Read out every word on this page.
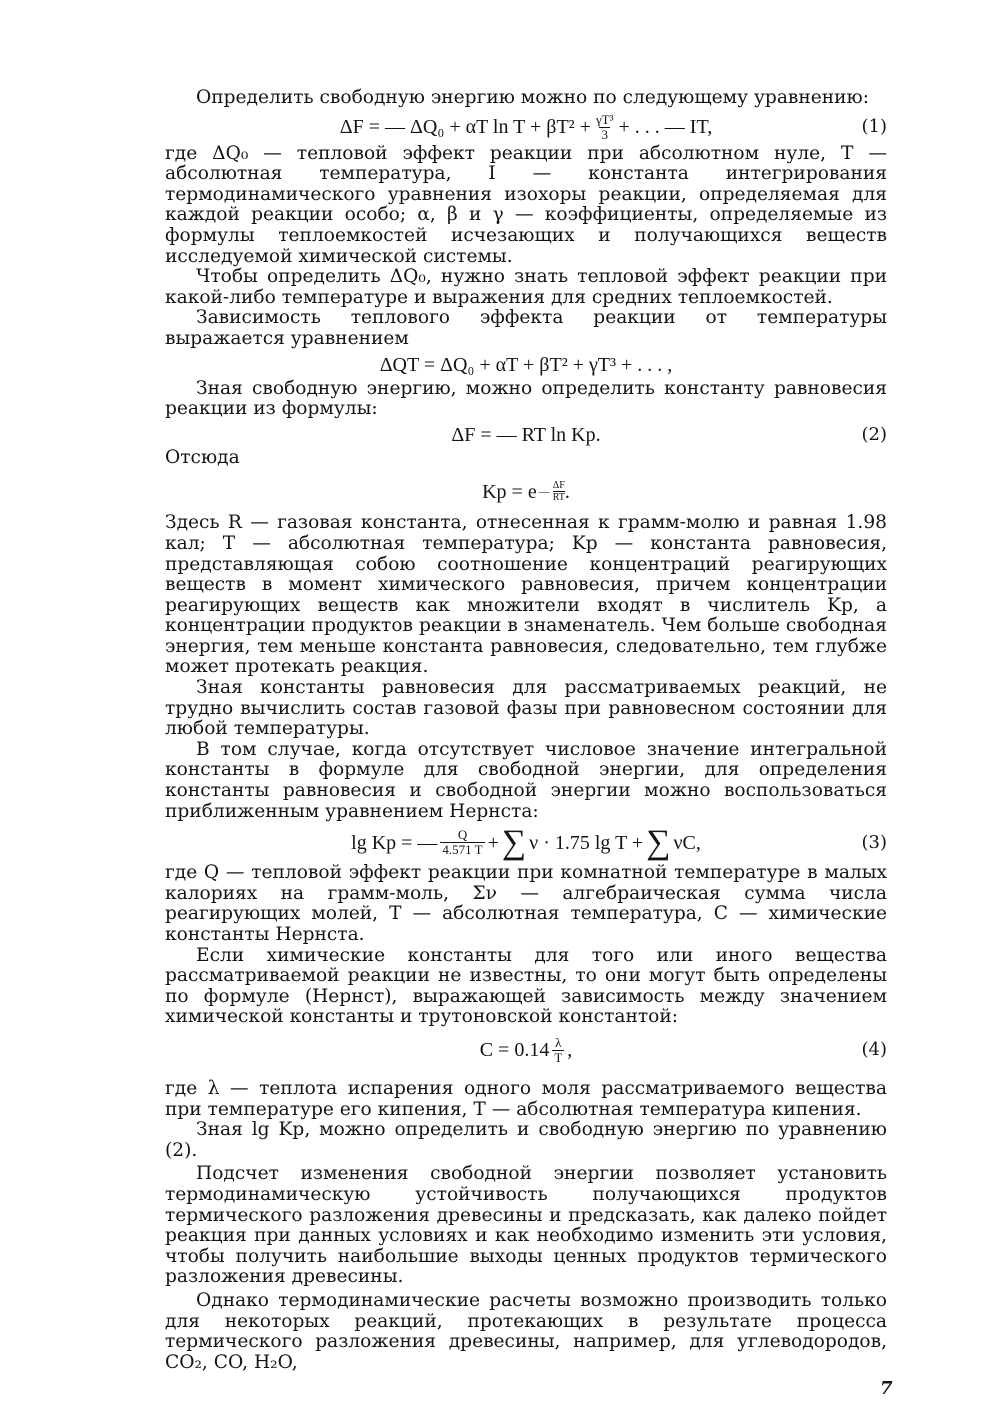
Определить свободную энергию можно по следующему уравнению:

ΔF = — ΔQ₀ + αT $\ln T + \beta T^2 + \frac{\text{γT³}}{3}$ + . . . — IT,	(1)

где ΔQ₀ — тепловой эффект реакции при абсолютном нуле, T — абсолютная температура, I — константа интегрирования термодинамического уравнения изохоры реакции, определяемая для каждой реакции особо; α, β и γ — коэффициенты, определяемые из формулы теплоемкостей исчезающих и получающихся веществ исследуемой химической системы.

Чтобы определить ΔQ₀, нужно знать тепловой эффект реакции при какой-либо температуре и выражения для средних теплоемкостей.

Зависимость теплового эффекта реакции от температуры выражается уравнением

ΔQT = ΔQ₀ + αT + βT² + γT³ + . . . ,

Зная свободную энергию, можно определить константу равновесия реакции из формулы:

ΔF = — RT ln Kр.	(2)

Отсюда

Kр = e — $\frac{\Delta F}{RT}$ .

Здесь R — газовая константа, отнесенная к грамм-молю и равная 1.98 кал; T — абсолютная температура; Kр — константа равновесия, представляющая собою соотношение концентраций реагирующих веществ в момент химического равновесия, причем концентрации реагирующих веществ как множители входят в числитель Kр, а концентрации продуктов реакции в знаменатель. Чем больше свободная энергия, тем меньше константа равновесия, следовательно, тем глубже может протекать реакция.

Зная константы равновесия для рассматриваемых реакций, не трудно вычислить состав газовой фазы при равновесном состоянии для любой температуры.

В том случае, когда отсутствует числовое значение интегральной константы в формуле для свободной энергии, для определения константы равновесия и свободной энергии можно воспользоваться приближенным уравнением Нернста:

lg Kр = — $\frac{Q}{4.571 T}$ + ∑ ν · 1.75 lg T + ∑ νC,	(3)

где Q — тепловой эффект реакции при комнатной температуре в малых калориях на грамм-моль, Σν — алгебраическая сумма числа реагирующих молей, T — абсолютная температура, C — химические константы Нернста.

Если химические константы для того или иного вещества рассматриваемой реакции не известны, то они могут быть определены по формуле (Нернст), выражающей зависимость между значением химической константы и трутоновской константой:

$C = 0.14 \frac{\lambda}{T}$ ,	(4)

где λ — теплота испарения одного моля рассматриваемого вещества при температуре его кипения, T — абсолютная температура кипения.

Зная lg Kр, можно определить и свободную энергию по уравнению (2).

Подсчет изменения свободной энергии позволяет установить термодинамическую устойчивость получающихся продуктов термического разложения древесины и предсказать, как далеко пойдет реакция при данных условиях и как необходимо изменить эти условия, чтобы получить наибольшие выходы ценных продуктов термического разложения древесины.

Однако термодинамические расчеты возможно производить только для некоторых реакций, протекающих в результате процесса термического разложения древесины, например, для углеводородов, CO₂, CO, H₂O,

7
